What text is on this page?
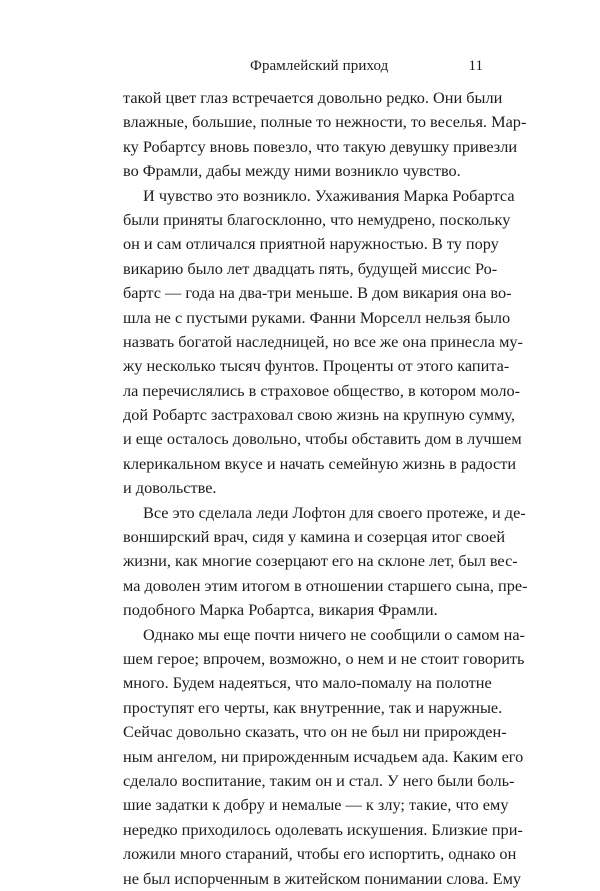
Фрамлейский приход	11
такой цвет глаз встречается довольно редко. Они были
влажные, большие, полные то нежности, то веселья. Мар-
ку Робартсу вновь повезло, что такую девушку привезли
во Фрамли, дабы между ними возникло чувство.
И чувство это возникло. Ухаживания Марка Робартса
были приняты благосклонно, что немудрено, поскольку
он и сам отличался приятной наружностью. В ту пору
викарию было лет двадцать пять, будущей миссис Ро-
бартс — года на два-три меньше. В дом викария она во-
шла не с пустыми руками. Фанни Морселл нельзя было
назвать богатой наследницей, но все же она принесла му-
жу несколько тысяч фунтов. Проценты от этого капита-
ла перечислялись в страховое общество, в котором моло-
дой Робартс застраховал свою жизнь на крупную сумму,
и еще осталось довольно, чтобы обставить дом в лучшем
клерикальном вкусе и начать семейную жизнь в радости
и довольстве.
Все это сделала леди Лофтон для своего протеже, и де-
вонширский врач, сидя у камина и созерцая итог своей
жизни, как многие созерцают его на склоне лет, был вес-
ма доволен этим итогом в отношении старшего сына, пре-
подобного Марка Робартса, викария Фрамли.
Однако мы еще почти ничего не сообщили о самом на-
шем герое; впрочем, возможно, о нем и не стоит говорить
много. Будем надеяться, что мало-помалу на полотне
проступят его черты, как внутренние, так и наружные.
Сейчас довольно сказать, что он не был ни прирожден-
ным ангелом, ни прирожденным исчадьем ада. Каким его
сделало воспитание, таким он и стал. У него были боль-
шие задатки к добру и немалые — к злу; такие, что ему
нередко приходилось одолевать искушения. Близкие при-
ложили много стараний, чтобы его испортить, однако он
не был испорченным в житейском понимании слова. Ему
